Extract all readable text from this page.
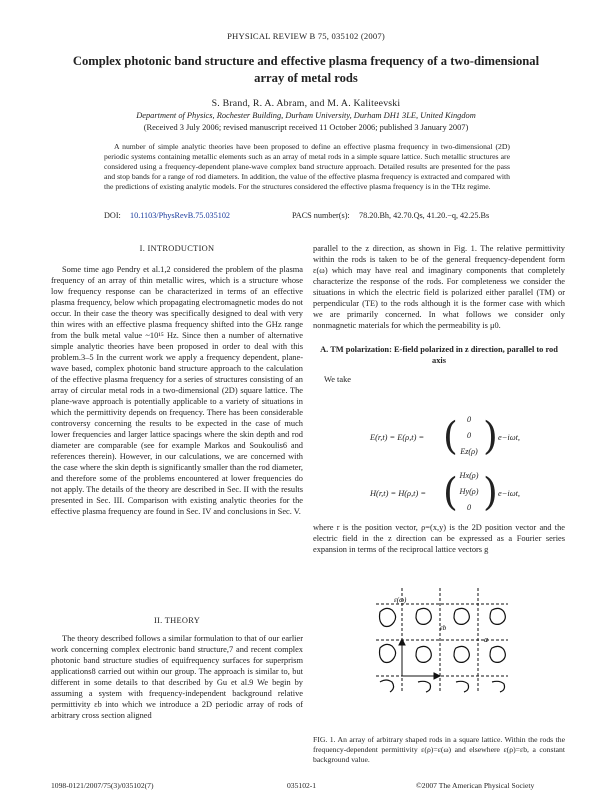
PHYSICAL REVIEW B 75, 035102 (2007)
Complex photonic band structure and effective plasma frequency of a two-dimensional array of metal rods
S. Brand, R. A. Abram, and M. A. Kaliteevski
Department of Physics, Rochester Building, Durham University, Durham DH1 3LE, United Kingdom
(Received 3 July 2006; revised manuscript received 11 October 2006; published 3 January 2007)

A number of simple analytic theories have been proposed to define an effective plasma frequency in two-dimensional (2D) periodic systems containing metallic elements such as an array of metal rods in a simple square lattice. Such metallic structures are considered using a frequency-dependent plane-wave complex band structure approach. Detailed results are presented for the pass and stop bands for a range of rod diameters. In addition, the value of the effective plasma frequency is extracted and compared with the predictions of existing analytic models. For the structures considered the effective plasma frequency is in the THz regime.

DOI: 10.1103/PhysRevB.75.035102	PACS number(s): 78.20.Bh, 42.70.Qs, 41.20.−q, 42.25.Bs
I. INTRODUCTION

Some time ago Pendry et al.1,2 considered the problem of the plasma frequency of an array of thin metallic wires, which is a structure whose low frequency response can be characterized in terms of an effective plasma frequency, below which propagating electromagnetic modes do not occur. In their case the theory was specifically designed to deal with very thin wires with an effective plasma frequency shifted into the GHz range from the bulk metal value ~10¹⁵ Hz. Since then a number of alternative simple analytic theories have been proposed in order to deal with this problem.3–5 In the current work we apply a frequency dependent, plane-wave based, complex photonic band structure approach to the calculation of the effective plasma frequency for a series of structures consisting of an array of circular metal rods in a two-dimensional (2D) square lattice. The plane-wave approach is potentially applicable to a variety of situations in which the permittivity depends on frequency. There has been considerable controversy concerning the results to be expected in the case of much lower frequencies and larger lattice spacings where the skin depth and rod diameter are comparable (see for example Markos and Soukoulis6 and references therein). However, in our calculations, we are concerned with the case where the skin depth is significantly smaller than the rod diameter, and therefore some of the problems encountered at lower frequencies do not apply. The details of the theory are described in Sec. II with the results presented in Sec. III. Comparison with existing analytic theories for the effective plasma frequency are found in Sec. IV and conclusions in Sec. V.

II. THEORY

The theory described follows a similar formulation to that of our earlier work concerning complex electronic band structure,7 and recent complex photonic band structure studies of equifrequency surfaces for superprism applications8 carried out within our group. The approach is similar to, but different in some details to that described by Gu et al.9 We begin by assuming a system with frequency-independent background relative permittivity εb into which we introduce a 2D periodic array of rods of arbitrary cross section aligned

parallel to the z direction, as shown in Fig. 1. The relative permittivity within the rods is taken to be of the general frequency-dependent form ε(ω) which may have real and imaginary components that completely characterize the response of the rods. For completeness we consider the situations in which the electric field is polarized either parallel (TM) or perpendicular (TE) to the rods although it is the former case with which we are primarily concerned. In what follows we consider only nonmagnetic materials for which the permeability is μ0.

A. TM polarization: E-field polarized in z direction, parallel to rod axis

We take

E(r,t) = E(ρ,t) = (	0
0
Ez(ρ) ) e−iωt,
H(r,t) = H(ρ,t) = ( Hx(ρ)
Hy(ρ)
0 ) e−iωt,

where r is the position vector, ρ=(x,y) is the 2D position vector and the electric field in the z direction can be expressed as a Fourier series expansion in terms of the reciprocal lattice vectors g

ε(ω)
εb
a
FIG. 1. An array of arbitrary shaped rods in a square lattice. Within the rods the frequency-dependent permittivity ε(ρ)=ε(ω) and elsewhere ε(ρ)=εb, a constant background value.
1098-0121/2007/75(3)/035102(7)	035102-1	©2007 The American Physical Society
